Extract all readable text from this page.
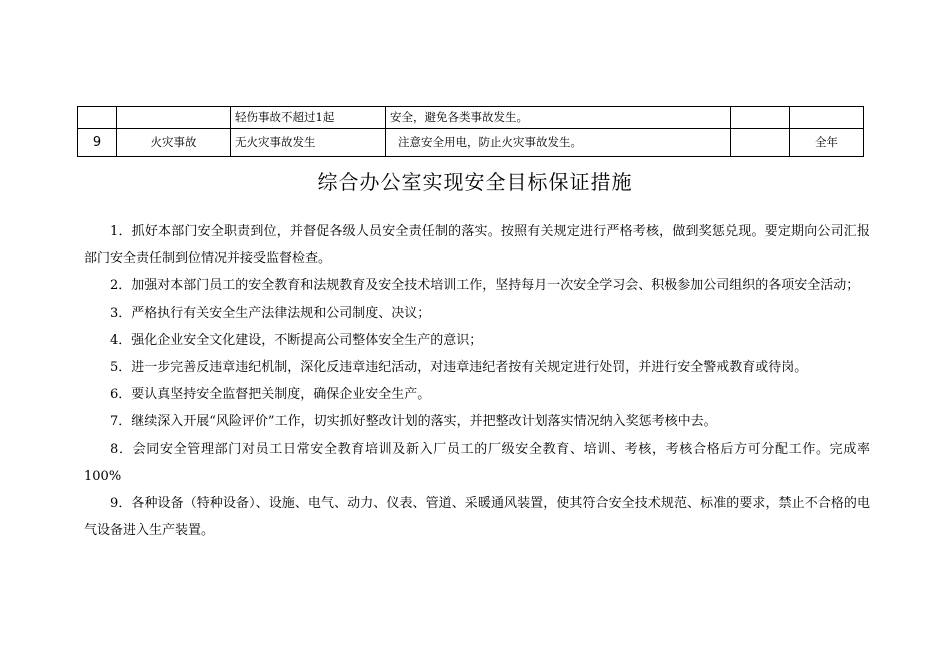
		轻伤事故不超过1起	安全，避免各类事故发生。		
9	火灾事故	无火灾事故发生	注意安全用电，防止火灾事故发生。		全年
综合办公室实现安全目标保证措施

1．抓好本部门安全职责到位，并督促各级人员安全责任制的落实。按照有关规定进行严格考核，做到奖惩兑现。要定期向公司汇报部门安全责任制到位情况并接受监督检查。

2．加强对本部门员工的安全教育和法规教育及安全技术培训工作，坚持每月一次安全学习会、积极参加公司组织的各项安全活动；

3．严格执行有关安全生产法律法规和公司制度、决议；

4．强化企业安全文化建设，不断提高公司整体安全生产的意识；

5．进一步完善反违章违纪机制，深化反违章违纪活动，对违章违纪者按有关规定进行处罚，并进行安全警戒教育或待岗。

6．要认真坚持安全监督把关制度，确保企业安全生产。

7．继续深入开展“风险评价”工作，切实抓好整改计划的落实，并把整改计划落实情况纳入奖惩考核中去。

8．会同安全管理部门对员工日常安全教育培训及新入厂员工的厂级安全教育、培训、考核，考核合格后方可分配工作。完成率100%

9．各种设备（特种设备）、设施、电气、动力、仪表、管道、采暖通风装置，使其符合安全技术规范、标准的要求，禁止不合格的电气设备进入生产装置。
